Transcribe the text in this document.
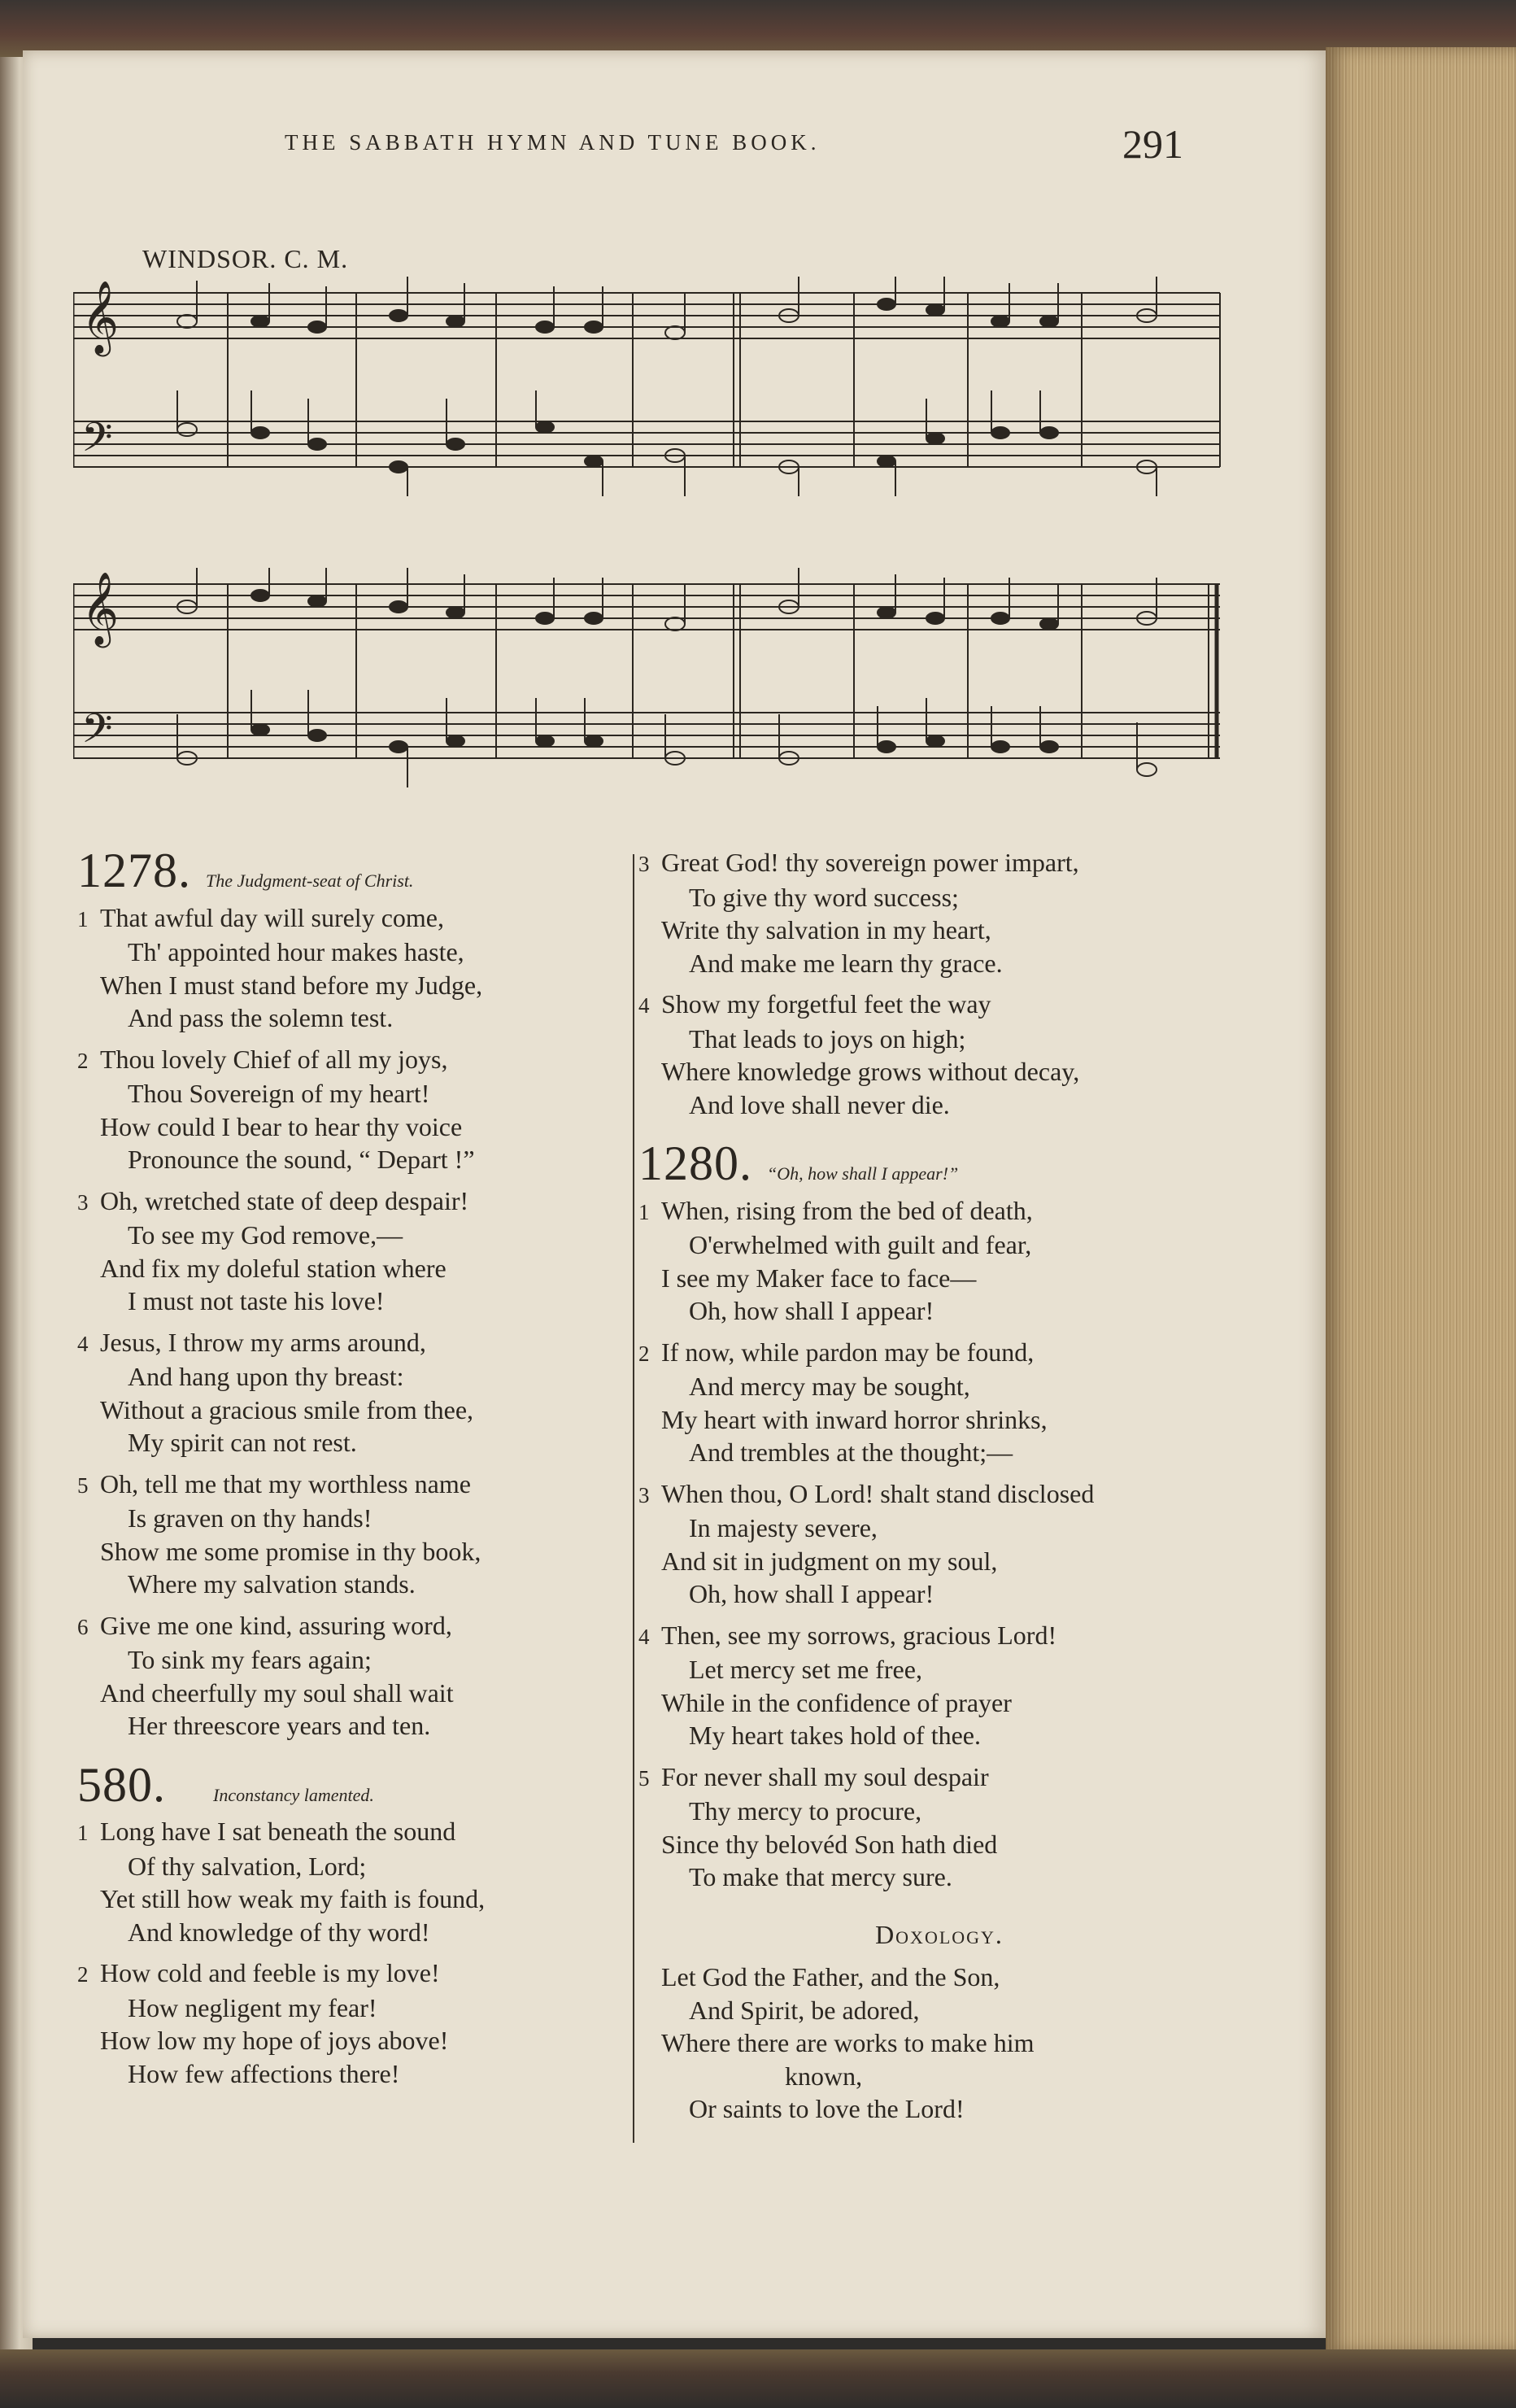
THE SABBATH HYMN AND TUNE BOOK.	291
WINDSOR. C. M.
𝄞
𝄢
𝄞
𝄢
1278. The Judgment-seat of Christ.
1 That awful day will surely come,
Th' appointed hour makes haste,
When I must stand before my Judge,
And pass the solemn test.
2 Thou lovely Chief of all my joys,
Thou Sovereign of my heart!
How could I bear to hear thy voice
Pronounce the sound, “ Depart !”
3 Oh, wretched state of deep despair!
To see my God remove,—
And fix my doleful station where
I must not taste his love!
4 Jesus, I throw my arms around,
And hang upon thy breast:
Without a gracious smile from thee,
My spirit can not rest.
5 Oh, tell me that my worthless name
Is graven on thy hands!
Show me some promise in thy book,
Where my salvation stands.
6 Give me one kind, assuring word,
To sink my fears again;
And cheerfully my soul shall wait
Her threescore years and ten.
580.	Inconstancy lamented.
1 Long have I sat beneath the sound
Of thy salvation, Lord;
Yet still how weak my faith is found,
And knowledge of thy word!
2 How cold and feeble is my love!
How negligent my fear!
How low my hope of joys above!
How few affections there!
3 Great God! thy sovereign power impart,
To give thy word success;
Write thy salvation in my heart,
And make me learn thy grace.
4 Show my forgetful feet the way
That leads to joys on high;
Where knowledge grows without decay,
And love shall never die.
1280. “Oh, how shall I appear!”
1 When, rising from the bed of death,
O'erwhelmed with guilt and fear,
I see my Maker face to face—
Oh, how shall I appear!
2 If now, while pardon may be found,
And mercy may be sought,
My heart with inward horror shrinks,
And trembles at the thought;—
3 When thou, O Lord! shalt stand disclosed
In majesty severe,
And sit in judgment on my soul,
Oh, how shall I appear!
4 Then, see my sorrows, gracious Lord!
Let mercy set me free,
While in the confidence of prayer
My heart takes hold of thee.
5 For never shall my soul despair
Thy mercy to procure,
Since thy belovéd Son hath died
To make that mercy sure.
Doxology.
Let God the Father, and the Son,
And Spirit, be adored,
Where there are works to make him
known,
Or saints to love the Lord!
